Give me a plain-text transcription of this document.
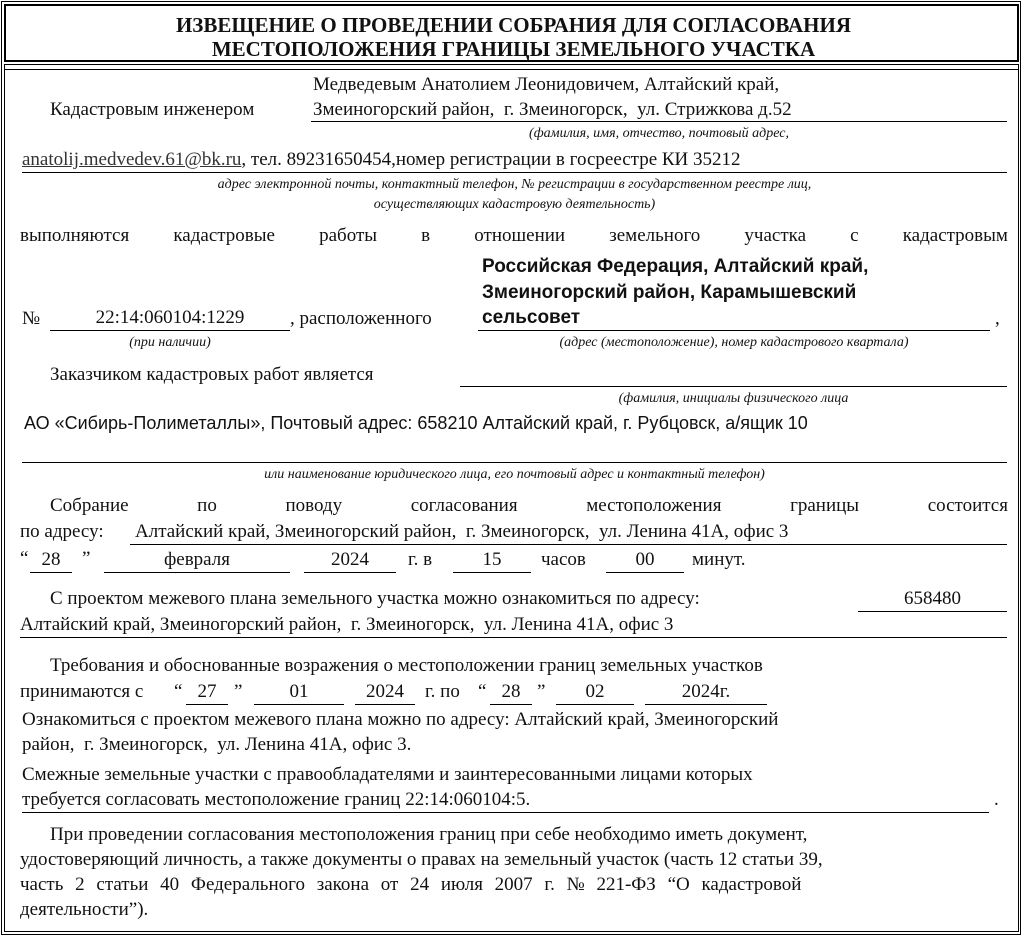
ИЗВЕЩЕНИЕ О ПРОВЕДЕНИИ СОБРАНИЯ ДЛЯ СОГЛАСОВАНИЯ
МЕСТОПОЛОЖЕНИЯ ГРАНИЦЫ ЗЕМЕЛЬНОГО УЧАСТКА
Медведевым Анатолием Леонидовичем, Алтайский край,
Кадастровым инженером	Змеиногорский район,  г. Змеиногорск,  ул. Стрижкова д.52
(фамилия, имя, отчество, почтовый адрес,
anatolij.medvedev.61@bk.ru, тел. 89231650454,номер регистрации в госреестре КИ 35212
адрес электронной почты, контактный телефон, № регистрации в государственном реестре лиц,
осуществляющих кадастровую деятельность)
выполняются кадастровые работы в отношении земельного участка с кадастровым
Российская Федерация, Алтайский край,
Змеиногорский район, Карамышевский
№	22:14:060104:1229	, расположенного	сельсовет	,
(при наличии)	(адрес (местоположение), номер кадастрового квартала)
Заказчиком кадастровых работ является
(фамилия, инициалы физического лица
АО «Сибирь-Полиметаллы», Почтовый адрес: 658210 Алтайский край, г. Рубцовск, а/ящик 10
или наименование юридического лица, его почтовый адрес и контактный телефон)
Собрание	по	поводу	согласования	местоположения	границы	состоится
по адресу: Алтайский край, Змеиногорский район,  г. Змеиногорск,  ул. Ленина 41А, офис 3
“ 28	”	февраля	2024	г. в	15	часов	00	минут.
С проектом межевого плана земельного участка можно ознакомиться по адресу:	658480
Алтайский край, Змеиногорский район,  г. Змеиногорск,  ул. Ленина 41А, офис 3
Требования и обоснованные возражения о местоположении границ земельных участков
принимаются с “ 27 ”	01	2024	г. по “ 28 ”	02	2024г.
Ознакомиться с проектом межевого плана можно по адресу: Алтайский край, Змеиногорский
район,  г. Змеиногорск,  ул. Ленина 41А, офис 3.
Смежные земельные участки с правообладателями и заинтересованными лицами которых
требуется согласовать местоположение границ 22:14:060104:5.	.
При проведении согласования местоположения границ при себе необходимо иметь документ,
удостоверяющий личность, а также документы о правах на земельный участок (часть 12 статьи 39,
часть 2 статьи 40 Федерального закона от 24 июля 2007 г. № 221-ФЗ “О кадастровой
деятельности”).
